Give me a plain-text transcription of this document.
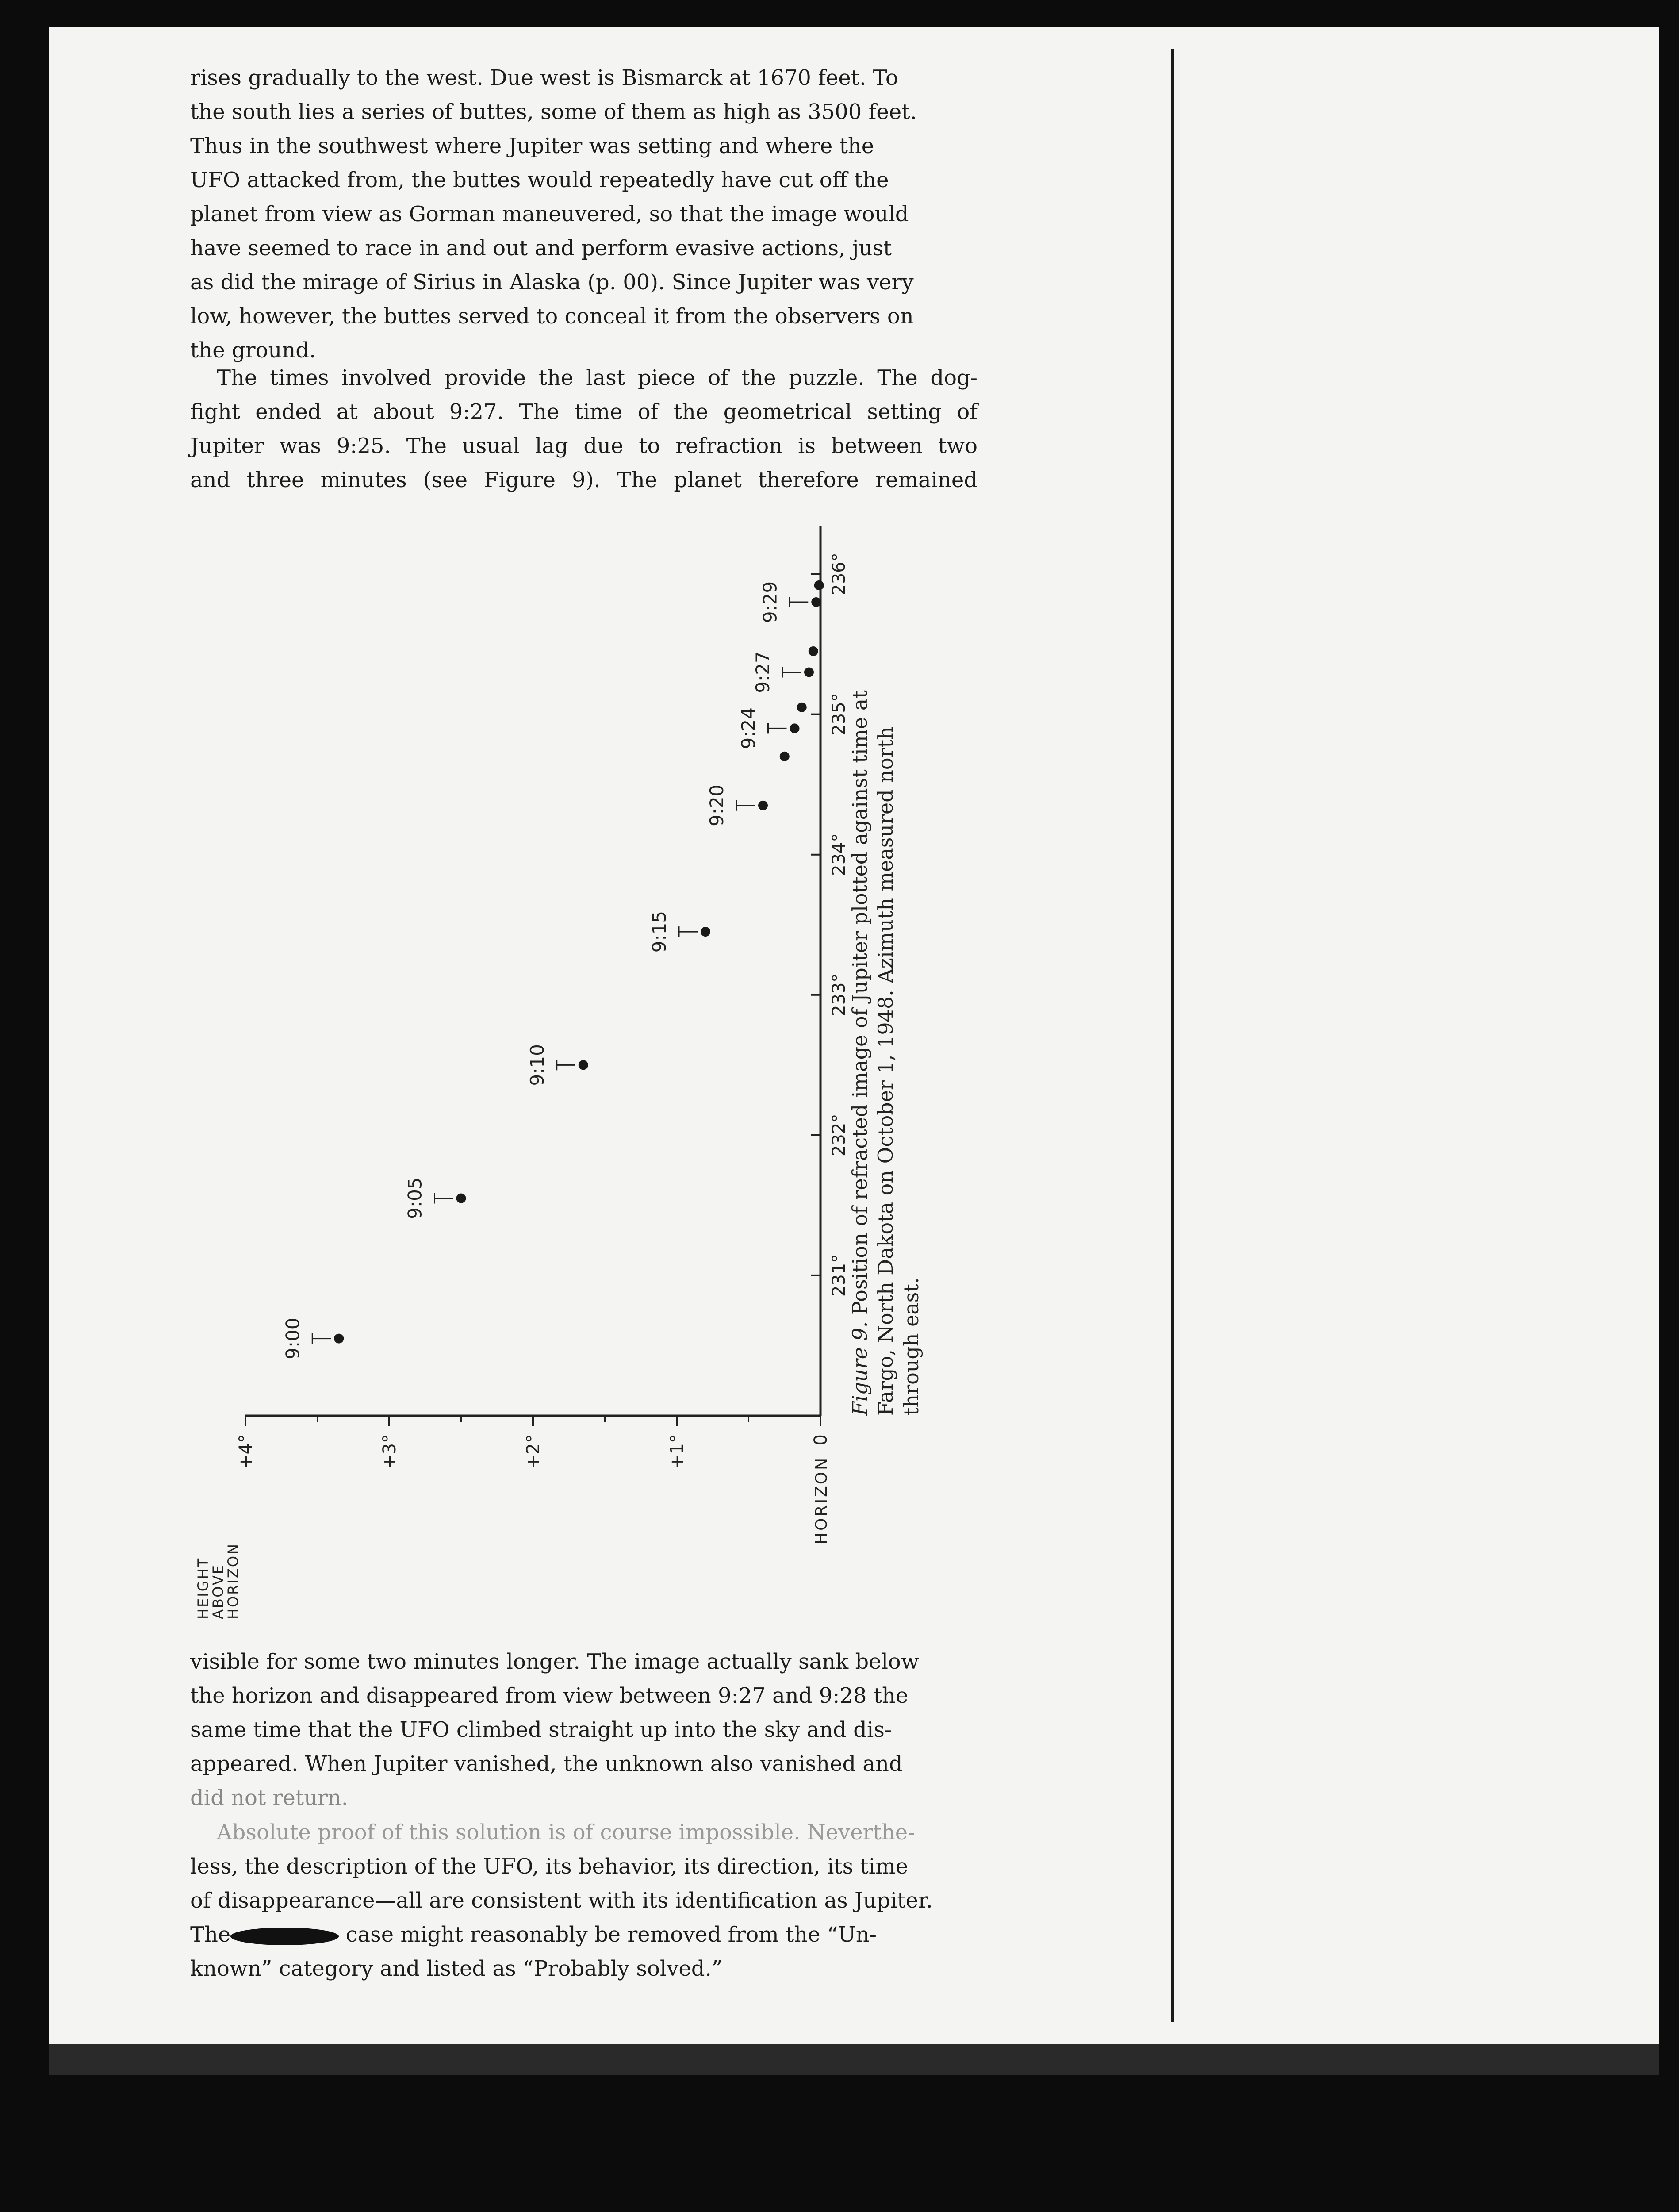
rises gradually to the west. Due west is Bismarck at 1670 feet. To
the south lies a series of buttes, some of them as high as 3500 feet.
Thus in the southwest where Jupiter was setting and where the
UFO attacked from, the buttes would repeatedly have cut off the
planet from view as Gorman maneuvered, so that the image would
have seemed to race in and out and perform evasive actions, just
as did the mirage of Sirius in Alaska (p. 00). Since Jupiter was very
low, however, the buttes served to conceal it from the observers on
the ground.
The times involved provide the last piece of the puzzle. The dog-
fight ended at about 9:27. The time of the geometrical setting of
Jupiter was 9:25. The usual lag due to refraction is between two
and three minutes (see Figure 9). The planet therefore remained
231°
232°
233°
234°
235°
236°
0
+1°
+2°
+3°
+4°
HORIZON
HEIGHT
ABOVE
HORIZON
9:00
9:05
9:10
9:15
9:20
9:24
9:27
9:29
Figure 9. Position of refracted image of Jupiter plotted against time at Fargo, North Dakota on October 1, 1948. Azimuth measured north through east.
visible for some two minutes longer. The image actually sank below
the horizon and disappeared from view between 9:27 and 9:28 the
same time that the UFO climbed straight up into the sky and dis-
appeared. When Jupiter vanished, the unknown also vanished and
did not return.
Absolute proof of this solution is of course impossible. Neverthe-
less, the description of the UFO, its behavior, its direction, its time
of disappearance—all are consistent with its identification as Jupiter.
The	case might reasonably be removed from the “Un-
known” category and listed as “Probably solved.”
